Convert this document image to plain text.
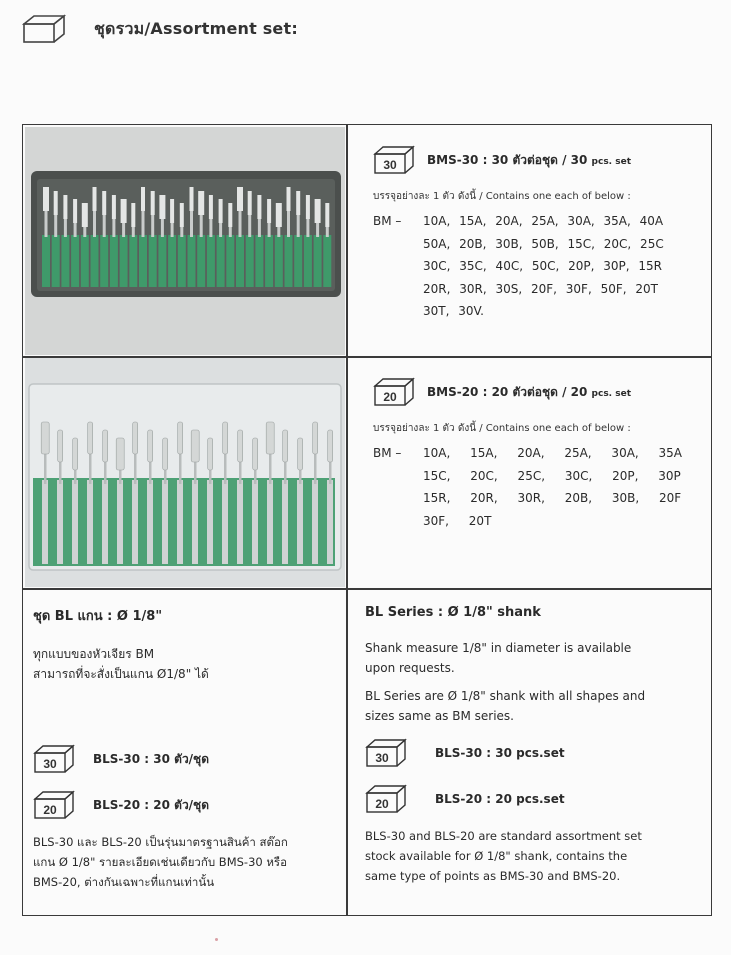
ชุดรวม/Assortment set:
30	BMS-30 : 30 ตัวต่อชุด / 30 pcs. set
บรรจุอย่างละ 1 ตัว ดังนี้ / Contains one each of below :
BM –	10A, 15A, 20A, 25A, 30A, 35A, 40A
50A, 20B, 30B, 50B, 15C, 20C, 25C
30C, 35C, 40C, 50C, 20P, 30P, 15R
20R, 30R, 30S, 20F, 30F, 50F, 20T
30T, 30V.
20	BMS-20 : 20 ตัวต่อชุด / 20 pcs. set
บรรจุอย่างละ 1 ตัว ดังนี้ / Contains one each of below :
BM –	10A, 15A, 20A, 25A, 30A, 35A
15C, 20C, 25C, 30C, 20P, 30P
15R, 20R, 30R, 20B, 30B, 20F
30F, 20T
ชุด BL แกน : Ø 1/8"
ทุกแบบของหัวเจียร BM
สามารถที่จะสั่งเป็นแกน Ø1/8" ได้
30	BLS-30 : 30 ตัว/ชุด
20	BLS-20 : 20 ตัว/ชุด
BLS-30 และ BLS-20 เป็นรุ่นมาตรฐานสินค้า สต๊อก
แกน Ø 1/8" รายละเอียดเช่นเดียวกับ BMS-30 หรือ
BMS-20, ต่างกันเฉพาะที่แกนเท่านั้น
BL Series : Ø 1/8" shank
Shank measure 1/8" in diameter is available
upon requests.
BL Series are Ø 1/8" shank with all shapes and
sizes same as BM series.
30	BLS-30 : 30 pcs.set
20	BLS-20 : 20 pcs.set
BLS-30 and BLS-20 are standard assortment set
stock available for Ø 1/8" shank, contains the
same type of points as BMS-30 and BMS-20.
